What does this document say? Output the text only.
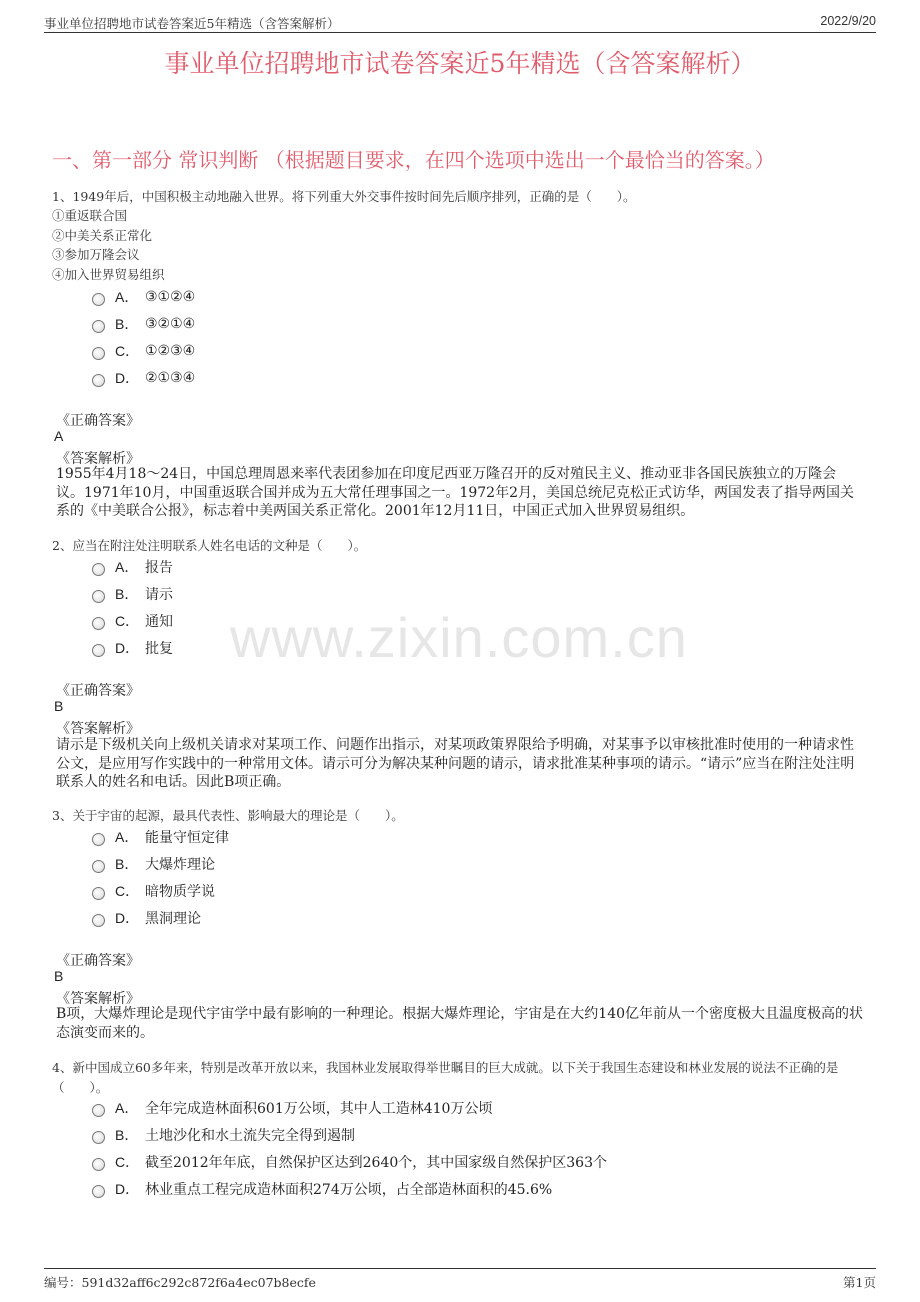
事业单位招聘地市试卷答案近5年精选（含答案解析）	2022/9/20
事业单位招聘地市试卷答案近5年精选（含答案解析）
一、第一部分 常识判断 （根据题目要求，在四个选项中选出一个最恰当的答案。）
www.zixin.com.cn
1、1949年后，中国积极主动地融入世界。将下列重大外交事件按时间先后顺序排列，正确的是（　　）。
①重返联合国
②中美关系正常化
③参加万隆会议
④加入世界贸易组织
A． ③①②④
B． ③②①④
C． ①②③④
D． ②①③④
《正确答案》
A
《答案解析》
1955年4月18～24日，中国总理周恩来率代表团参加在印度尼西亚万隆召开的反对殖民主义、推动亚非各国民族独立的万隆会议。1971年10月，中国重返联合国并成为五大常任理事国之一。1972年2月，美国总统尼克松正式访华，两国发表了指导两国关系的《中美联合公报》，标志着中美两国关系正常化。2001年12月11日，中国正式加入世界贸易组织。
2、应当在附注处注明联系人姓名电话的文种是（　　）。
A． 报告
B． 请示
C． 通知
D． 批复
《正确答案》
B
《答案解析》
请示是下级机关向上级机关请求对某项工作、问题作出指示，对某项政策界限给予明确，对某事予以审核批准时使用的一种请求性公文，是应用写作实践中的一种常用文体。请示可分为解决某种问题的请示，请求批准某种事项的请示。“请示”应当在附注处注明联系人的姓名和电话。因此B项正确。
3、关于宇宙的起源，最具代表性、影响最大的理论是（　　）。
A． 能量守恒定律
B． 大爆炸理论
C． 暗物质学说
D． 黑洞理论
《正确答案》
B
《答案解析》
B项，大爆炸理论是现代宇宙学中最有影响的一种理论。根据大爆炸理论，宇宙是在大约140亿年前从一个密度极大且温度极高的状态演变而来的。
4、新中国成立60多年来，特别是改革开放以来，我国林业发展取得举世瞩目的巨大成就。以下关于我国生态建设和林业发展的说法不正确的是（　　）。
A． 全年完成造林面积601万公顷，其中人工造林410万公顷
B． 土地沙化和水土流失完全得到遏制
C． 截至2012年年底，自然保护区达到2640个，其中国家级自然保护区363个
D． 林业重点工程完成造林面积274万公顷，占全部造林面积的45.6%
编号：591d32aff6c292c872f6a4ec07b8ecfe	第1页
